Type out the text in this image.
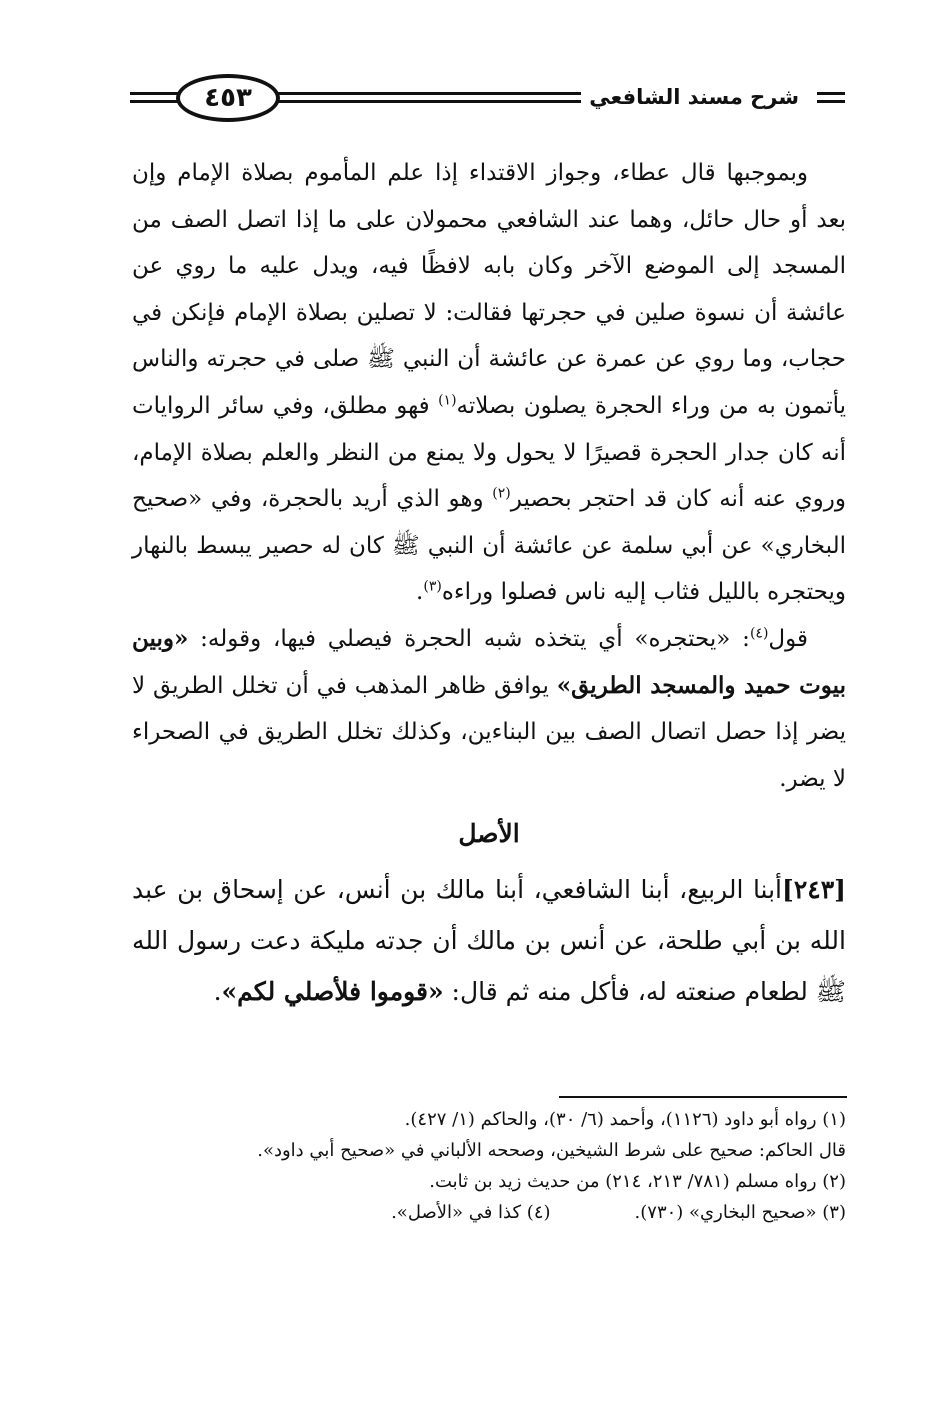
٤٥٣	شرح مسند الشافعي

وبموجبها قال عطاء، وجواز الاقتداء إذا علم المأموم بصلاة الإمام وإن بعد أو حال حائل، وهما عند الشافعي محمولان على ما إذا اتصل الصف من المسجد إلى الموضع الآخر وكان بابه لافظًا فيه، ويدل عليه ما روي عن عائشة أن نسوة صلين في حجرتها فقالت: لا تصلين بصلاة الإمام فإنكن في حجاب، وما روي عن عمرة عن عائشة أن النبي ﷺ صلى في حجرته والناس يأتمون به من وراء الحجرة يصلون بصلاته$^{(١)}$ فهو مطلق، وفي سائر الروايات أنه كان جدار الحجرة قصيرًا لا يحول ولا يمنع من النظر والعلم بصلاة الإمام، وروي عنه أنه كان قد احتجر بحصير$^{(٢)}$ وهو الذي أريد بالحجرة، وفي «صحيح البخاري» عن أبي سلمة عن عائشة أن النبي ﷺ كان له حصير يبسط بالنهار ويحتجره بالليل فثاب إليه ناس فصلوا وراءه$^{(٣)}$.

قول$^{(٤)}$: «يحتجره» أي يتخذه شبه الحجرة فيصلي فيها، وقوله: «وبين بيوت حميد والمسجد الطريق» يوافق ظاهر المذهب في أن تخلل الطريق لا يضر إذا حصل اتصال الصف بين البناءين، وكذلك تخلل الطريق في الصحراء لا يضر.

الأصل

[٢٤٣]أبنا الربيع، أبنا الشافعي، أبنا مالك بن أنس، عن إسحاق بن عبد الله بن أبي طلحة، عن أنس بن مالك أن جدته مليكة دعت رسول الله ﷺ لطعام صنعته له، فأكل منه ثم قال: «قوموا فلأصلي لكم».

(١) رواه أبو داود (١١٢٦)، وأحمد (٦/ ٣٠)، والحاكم (١/ ٤٢٧).

قال الحاكم: صحيح على شرط الشيخين، وصححه الألباني في «صحيح أبي داود».

(٢) رواه مسلم (٧٨١/ ٢١٣، ٢١٤) من حديث زيد بن ثابت.

(٣) «صحيح البخاري» (٧٣٠).
(٤) كذا في «الأصل».
